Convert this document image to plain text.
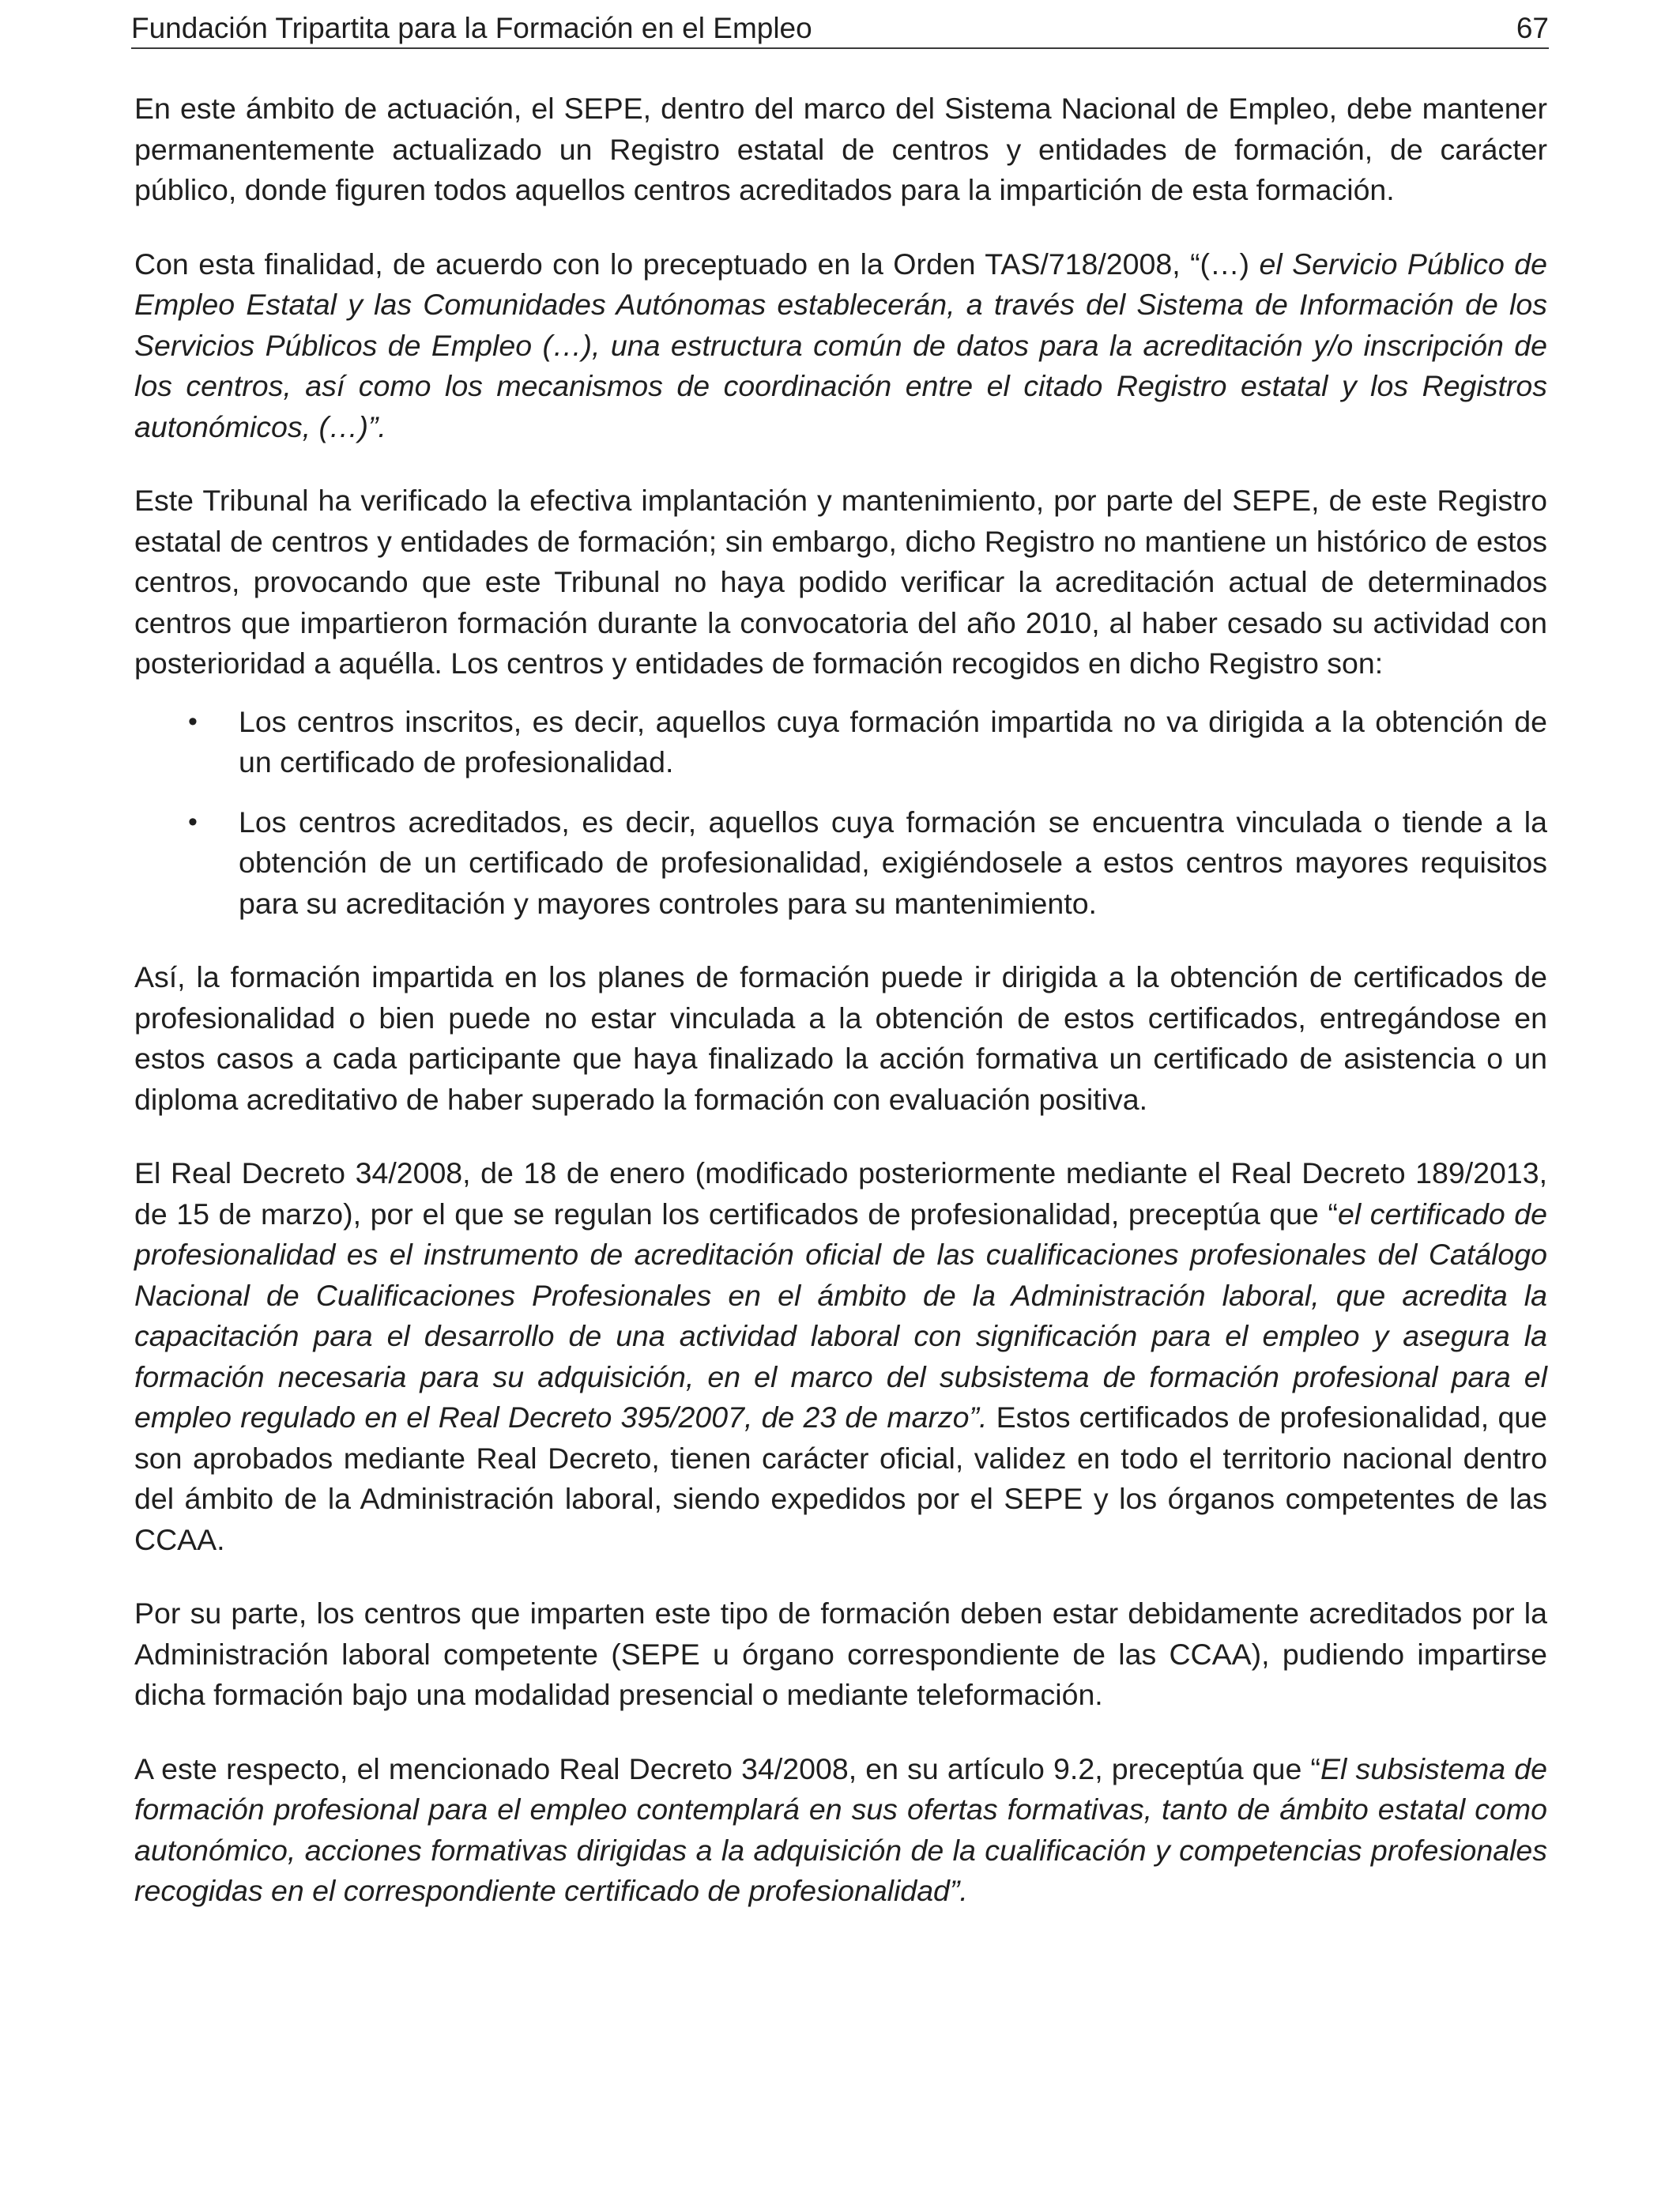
Fundación Tripartita para la Formación en el Empleo	67

En este ámbito de actuación, el SEPE, dentro del marco del Sistema Nacional de Empleo, debe mantener permanentemente actualizado un Registro estatal de centros y entidades de formación, de carácter público, donde figuren todos aquellos centros acreditados para la impartición de esta formación.

Con esta finalidad, de acuerdo con lo preceptuado en la Orden TAS/718/2008, “(…) el Servicio Público de Empleo Estatal y las Comunidades Autónomas establecerán, a través del Sistema de Información de los Servicios Públicos de Empleo (…), una estructura común de datos para la acreditación y/o inscripción de los centros, así como los mecanismos de coordinación entre el citado Registro estatal y los Registros autonómicos, (…)”.

Este Tribunal ha verificado la efectiva implantación y mantenimiento, por parte del SEPE, de este Registro estatal de centros y entidades de formación; sin embargo, dicho Registro no mantiene un histórico de estos centros, provocando que este Tribunal no haya podido verificar la acreditación actual de determinados centros que impartieron formación durante la convocatoria del año 2010, al haber cesado su actividad con posterioridad a aquélla. Los centros y entidades de formación recogidos en dicho Registro son:

• Los centros inscritos, es decir, aquellos cuya formación impartida no va dirigida a la obtención de un certificado de profesionalidad.
• Los centros acreditados, es decir, aquellos cuya formación se encuentra vinculada o tiende a la obtención de un certificado de profesionalidad, exigiéndosele a estos centros mayores requisitos para su acreditación y mayores controles para su mantenimiento.

Así, la formación impartida en los planes de formación puede ir dirigida a la obtención de certificados de profesionalidad o bien puede no estar vinculada a la obtención de estos certificados, entregándose en estos casos a cada participante que haya finalizado la acción formativa un certificado de asistencia o un diploma acreditativo de haber superado la formación con evaluación positiva.

El Real Decreto 34/2008, de 18 de enero (modificado posteriormente mediante el Real Decreto 189/2013, de 15 de marzo), por el que se regulan los certificados de profesionalidad, preceptúa que “el certificado de profesionalidad es el instrumento de acreditación oficial de las cualificaciones profesionales del Catálogo Nacional de Cualificaciones Profesionales en el ámbito de la Administración laboral, que acredita la capacitación para el desarrollo de una actividad laboral con significación para el empleo y asegura la formación necesaria para su adquisición, en el marco del subsistema de formación profesional para el empleo regulado en el Real Decreto 395/2007, de 23 de marzo”. Estos certificados de profesionalidad, que son aprobados mediante Real Decreto, tienen carácter oficial, validez en todo el territorio nacional dentro del ámbito de la Administración laboral, siendo expedidos por el SEPE y los órganos competentes de las CCAA.

Por su parte, los centros que imparten este tipo de formación deben estar debidamente acreditados por la Administración laboral competente (SEPE u órgano correspondiente de las CCAA), pudiendo impartirse dicha formación bajo una modalidad presencial o mediante teleformación.

A este respecto, el mencionado Real Decreto 34/2008, en su artículo 9.2, preceptúa que “El subsistema de formación profesional para el empleo contemplará en sus ofertas formativas, tanto de ámbito estatal como autonómico, acciones formativas dirigidas a la adquisición de la cualificación y competencias profesionales recogidas en el correspondiente certificado de profesionalidad”.
